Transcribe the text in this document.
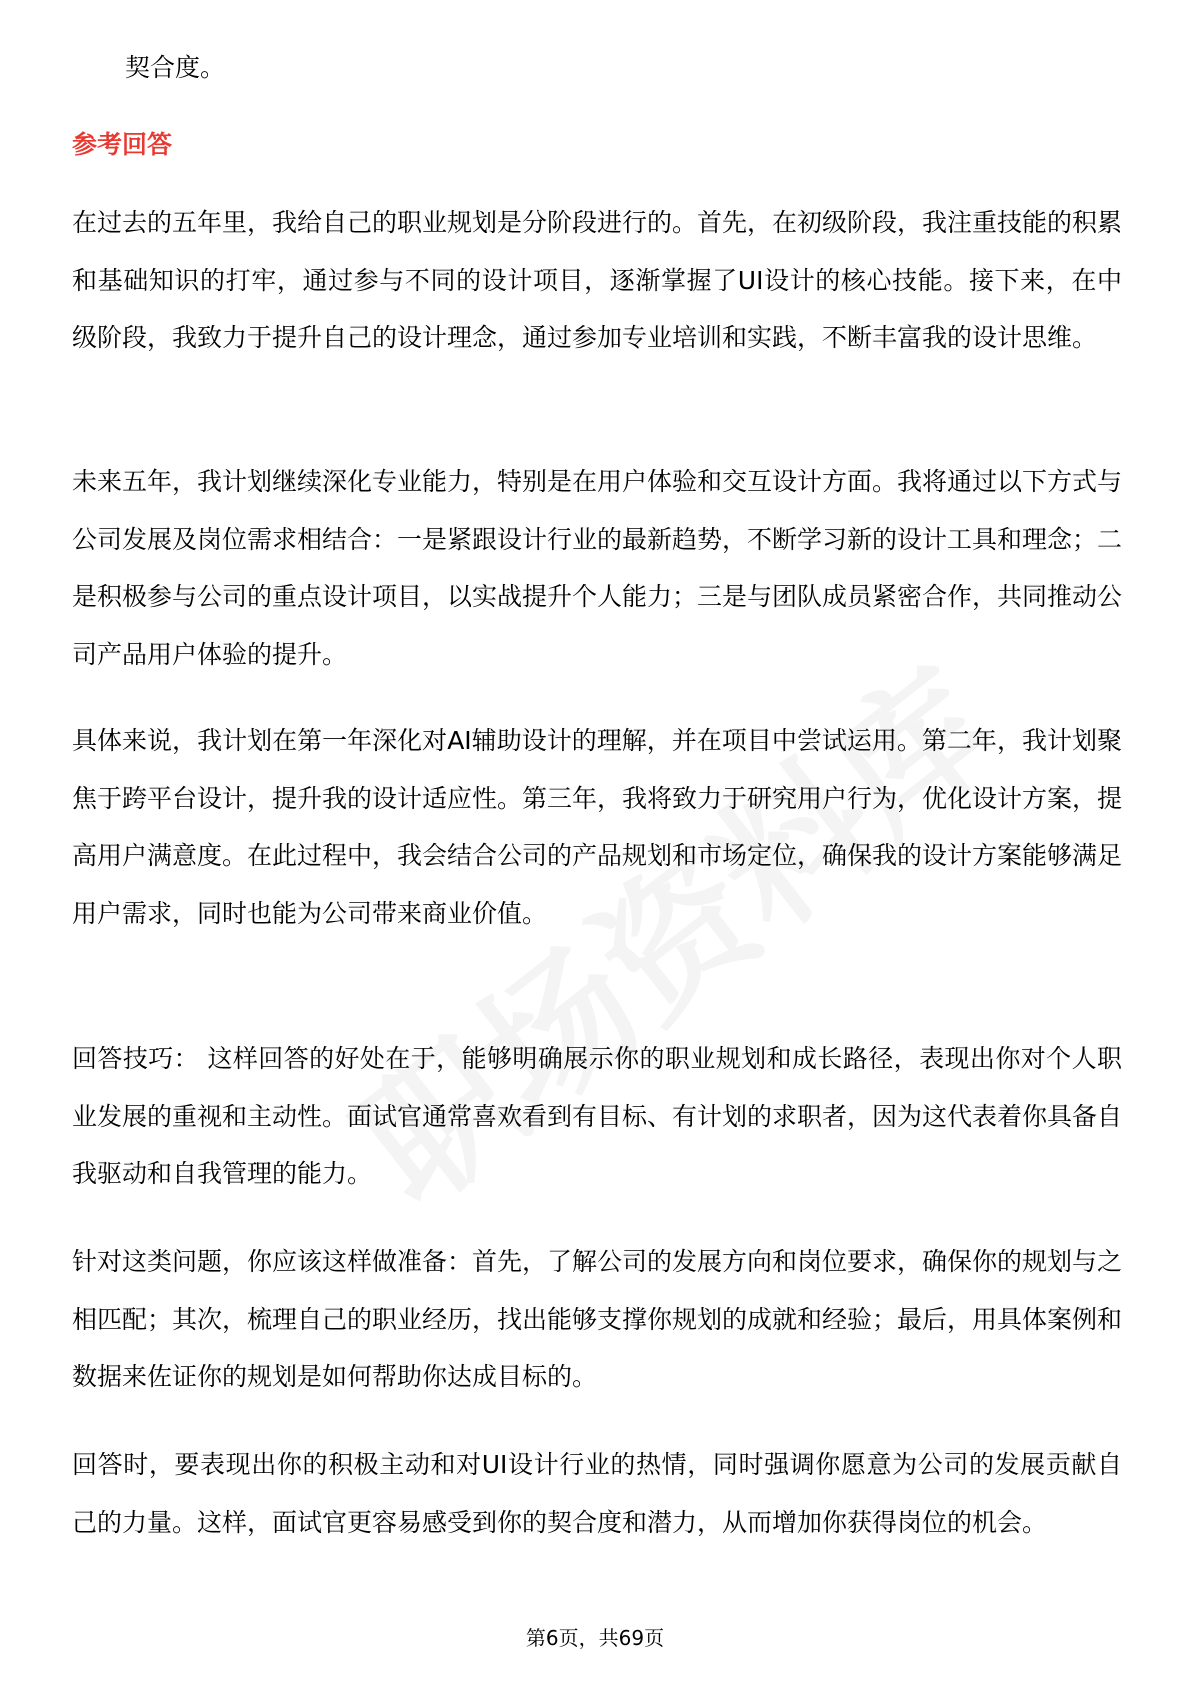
契合度。

参考回答

在过去的五年里，我给自己的职业规划是分阶段进行的。首先，在初级阶段，我注重技能的积累和基础知识的打牢，通过参与不同的设计项目，逐渐掌握了UI设计的核心技能。接下来，在中级阶段，我致力于提升自己的设计理念，通过参加专业培训和实践，不断丰富我的设计思维。

未来五年，我计划继续深化专业能力，特别是在用户体验和交互设计方面。我将通过以下方式与公司发展及岗位需求相结合：一是紧跟设计行业的最新趋势，不断学习新的设计工具和理念；二是积极参与公司的重点设计项目，以实战提升个人能力；三是与团队成员紧密合作，共同推动公司产品用户体验的提升。

具体来说，我计划在第一年深化对AI辅助设计的理解，并在项目中尝试运用。第二年，我计划聚焦于跨平台设计，提升我的设计适应性。第三年，我将致力于研究用户行为，优化设计方案，提高用户满意度。在此过程中，我会结合公司的产品规划和市场定位，确保我的设计方案能够满足用户需求，同时也能为公司带来商业价值。

回答技巧： 这样回答的好处在于，能够明确展示你的职业规划和成长路径，表现出你对个人职业发展的重视和主动性。面试官通常喜欢看到有目标、有计划的求职者，因为这代表着你具备自我驱动和自我管理的能力。

针对这类问题，你应该这样做准备：首先，了解公司的发展方向和岗位要求，确保你的规划与之相匹配；其次，梳理自己的职业经历，找出能够支撑你规划的成就和经验；最后，用具体案例和数据来佐证你的规划是如何帮助你达成目标的。

回答时，要表现出你的积极主动和对UI设计行业的热情，同时强调你愿意为公司的发展贡献自己的力量。这样，面试官更容易感受到你的契合度和潜力，从而增加你获得岗位的机会。

第6页，共69页
